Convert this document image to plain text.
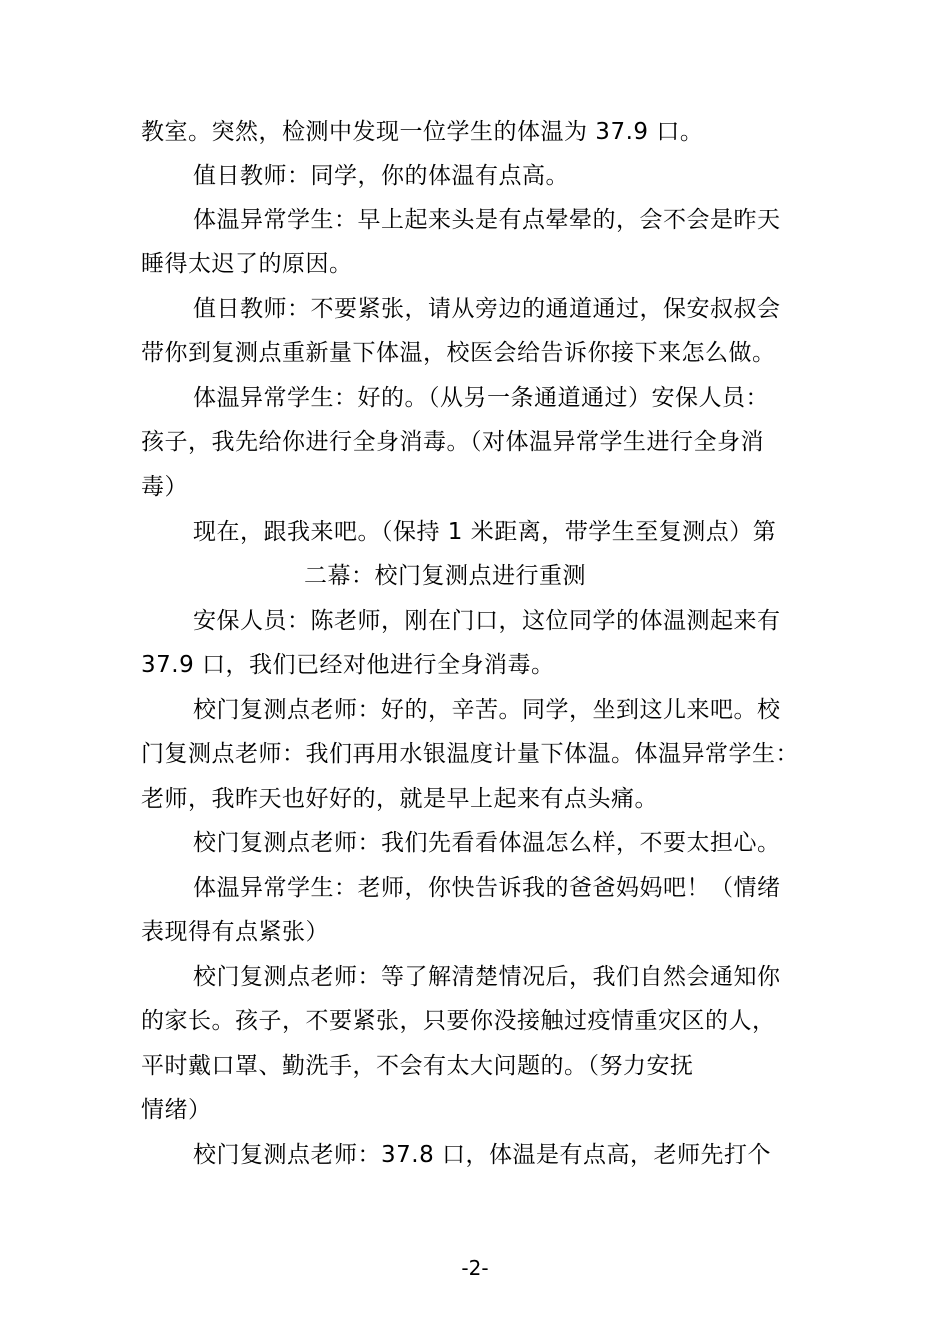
教室。突然，检测中发现一位学生的体温为 37.9 口。
值日教师：同学，你的体温有点高。
体温异常学生：早上起来头是有点晕晕的，会不会是昨天
睡得太迟了的原因。
值日教师：不要紧张，请从旁边的通道通过，保安叔叔会
带你到复测点重新量下体温，校医会给告诉你接下来怎么做。
体温异常学生：好的。（从另一条通道通过）安保人员：
孩子，我先给你进行全身消毒。（对体温异常学生进行全身消
毒）
现在，跟我来吧。（保持 1 米距离，带学生至复测点）第
二幕：校门复测点进行重测
安保人员：陈老师，刚在门口，这位同学的体温测起来有
37.9 口，我们已经对他进行全身消毒。
校门复测点老师：好的，辛苦。同学，坐到这儿来吧。校
门复测点老师：我们再用水银温度计量下体温。体温异常学生：
老师，我昨天也好好的，就是早上起来有点头痛。
校门复测点老师：我们先看看体温怎么样，不要太担心。
体温异常学生：老师，你快告诉我的爸爸妈妈吧！（情绪
表现得有点紧张）
校门复测点老师：等了解清楚情况后，我们自然会通知你
的家长。孩子，不要紧张，只要你没接触过疫情重灾区的人，
平时戴口罩、勤洗手，不会有太大问题的。（努力安抚
情绪）
校门复测点老师：37.8 口，体温是有点高，老师先打个
-2-
